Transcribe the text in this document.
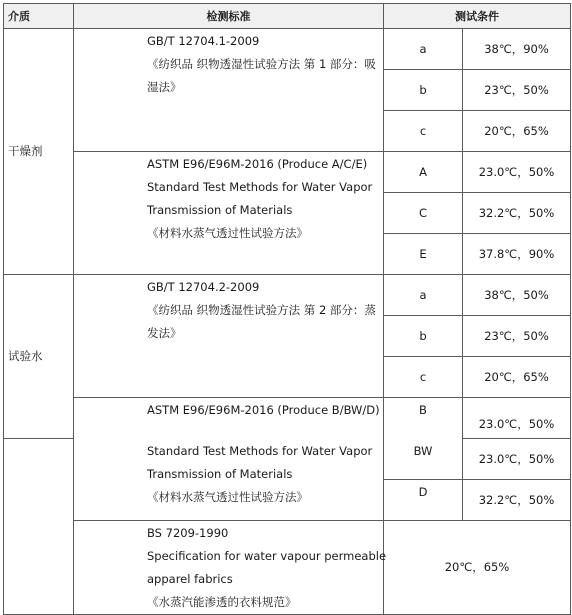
介质	检测标准	测试条件	
干燥剂	GB/T 12704.1-2009
《纺织品 织物透湿性试验方法 第 1 部分：吸湿法》	a	38℃，90%
		b	23℃，50%
		c	20℃，65%

	ASTM E96/E96M-2016 (Produce A/C/E)
Standard Test Methods for Water Vapor
Transmission of Materials
《材料水蒸气透过性试验方法》	A	23.0℃，50%
		C	32.2℃，50%
		E	37.8℃，90%
试验水	GB/T 12704.2-2009
《纺织品 织物透湿性试验方法 第 2 部分：蒸发法》	a	38℃，50%
		b	23℃，50%
		c	20℃，65%

	ASTM E96/E96M-2016 (Produce B/BW/D)	B	23.0℃，50%

	Standard Test Methods for Water Vapor
Transmission of Materials
《材料水蒸气透过性试验方法》	BW	23.0℃，50%
		D	32.2℃，50%

	BS 7209-1990
Specification for water vapour permeable
apparel fabrics
《水蒸汽能渗透的衣料规范》	20℃，65%	
